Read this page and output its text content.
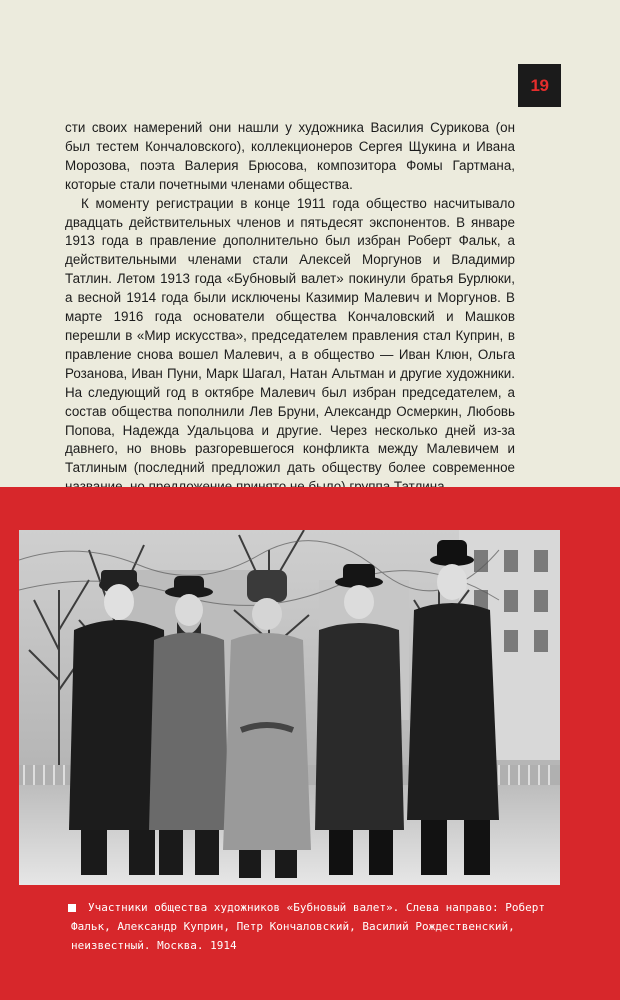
19

сти своих намерений они нашли у художника Василия Сурикова (он был тестем Кончаловского), коллекционеров Сергея Щукина и Ивана Морозова, поэта Валерия Брюсова, композитора Фомы Гартмана, которые стали почетными членами общества.

К моменту регистрации в конце 1911 года общество насчитывало двадцать действительных членов и пятьдесят экспонентов. В январе 1913 года в правление дополнительно был избран Роберт Фальк, а действительными членами стали Алексей Моргунов и Владимир Татлин. Летом 1913 года «Бубновый валет» покинули братья Бурлюки, а весной 1914 года были исключены Казимир Малевич и Моргунов. В марте 1916 года основатели общества Кончаловский и Машков перешли в «Мир искусства», председателем правления стал Куприн, в правление снова вошел Малевич, а в общество — Иван Клюн, Ольга Розанова, Иван Пуни, Марк Шагал, Натан Альтман и другие художники. На следующий год в октябре Малевич был избран председателем, а состав общества пополнили Лев Бруни, Александр Осмеркин, Любовь Попова, Надежда Удальцова и другие. Через несколько дней из-за давнего, но вновь разгоревшегося конфликта между Малевичем и Татлиным (последний предложил дать обществу более современное

Участники общества художников «Бубновый валет». Слева направо: Роберт Фальк, Александр Куприн, Петр Кончаловский, Василий Рождественский, неизвестный. Москва. 1914
